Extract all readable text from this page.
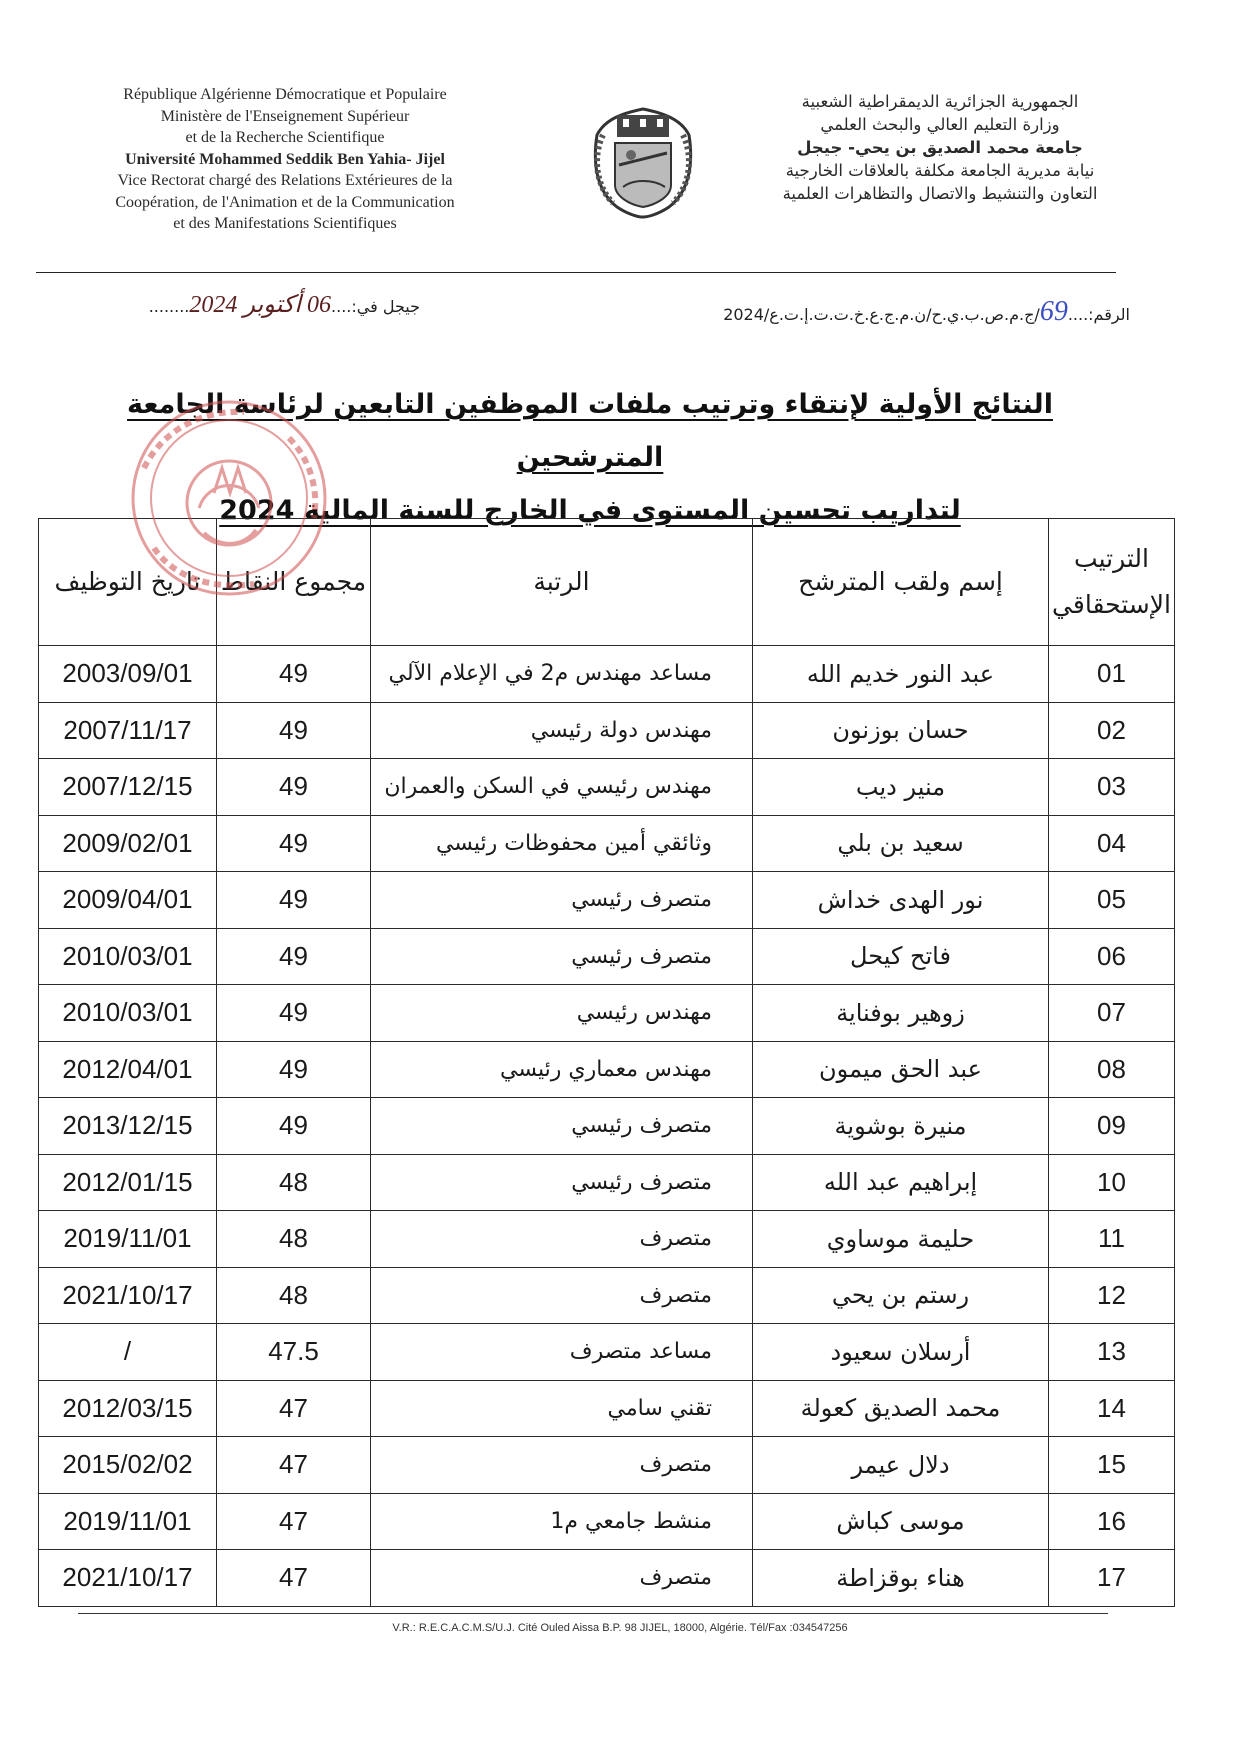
République Algérienne Démocratique et Populaire
Ministère de l'Enseignement Supérieur
et de la Recherche Scientifique
Université Mohammed Seddik Ben Yahia- Jijel
Vice Rectorat chargé des Relations Extérieures de la
Coopération, de l'Animation et de la Communication
et des Manifestations Scientifiques
الجمهورية الجزائرية الديمقراطية الشعبية
وزارة التعليم العالي والبحث العلمي
جامعة محمد الصديق بن يحي- جيجل
نيابة مديرية الجامعة مكلفة بالعلاقات الخارجية
التعاون والتنشيط والاتصال والتظاهرات العلمية
الرقم:....69/ج.م.ص.ب.ي.ح/ن.م.ج.ع.خ.ت.ت.إ.ت.ع/2024
جيجل في:....06 أكتوبر 2024........
النتائج الأولية لإنتقاء وترتيب ملفات الموظفين التابعين لرئاسة الجامعة المترشحين
لتداريب تحسين المستوى في الخارج للسنة المالية 2024
الترتيب الإستحقاقي	إسم ولقب المترشح	الرتبة	مجموع النقاط	تاريخ التوظيف
01	عبد النور خديم الله	مساعد مهندس م2 في الإعلام الآلي	49	2003/09/01
02	حسان بوزنون	مهندس دولة رئيسي	49	2007/11/17
03	منير ديب	مهندس رئيسي في السكن والعمران	49	2007/12/15
04	سعيد بن بلي	وثائقي أمين محفوظات رئيسي	49	2009/02/01
05	نور الهدى خداش	متصرف رئيسي	49	2009/04/01
06	فاتح كيحل	متصرف رئيسي	49	2010/03/01
07	زوهير بوفناية	مهندس رئيسي	49	2010/03/01
08	عبد الحق ميمون	مهندس معماري رئيسي	49	2012/04/01
09	منيرة بوشوية	متصرف رئيسي	49	2013/12/15
10	إبراهيم عبد الله	متصرف رئيسي	48	2012/01/15
11	حليمة موساوي	متصرف	48	2019/11/01
12	رستم بن يحي	متصرف	48	2021/10/17
13	أرسلان سعيود	مساعد متصرف	47.5	/
14	محمد الصديق كعولة	تقني سامي	47	2012/03/15
15	دلال عيمر	متصرف	47	2015/02/02
16	موسى كباش	منشط جامعي م1	47	2019/11/01
17	هناء بوقزاطة	متصرف	47	2021/10/17
V.R.: R.E.C.A.C.M.S/U.J. Cité Ouled Aissa B.P. 98 JIJEL, 18000, Algérie. Tél/Fax :034547256
